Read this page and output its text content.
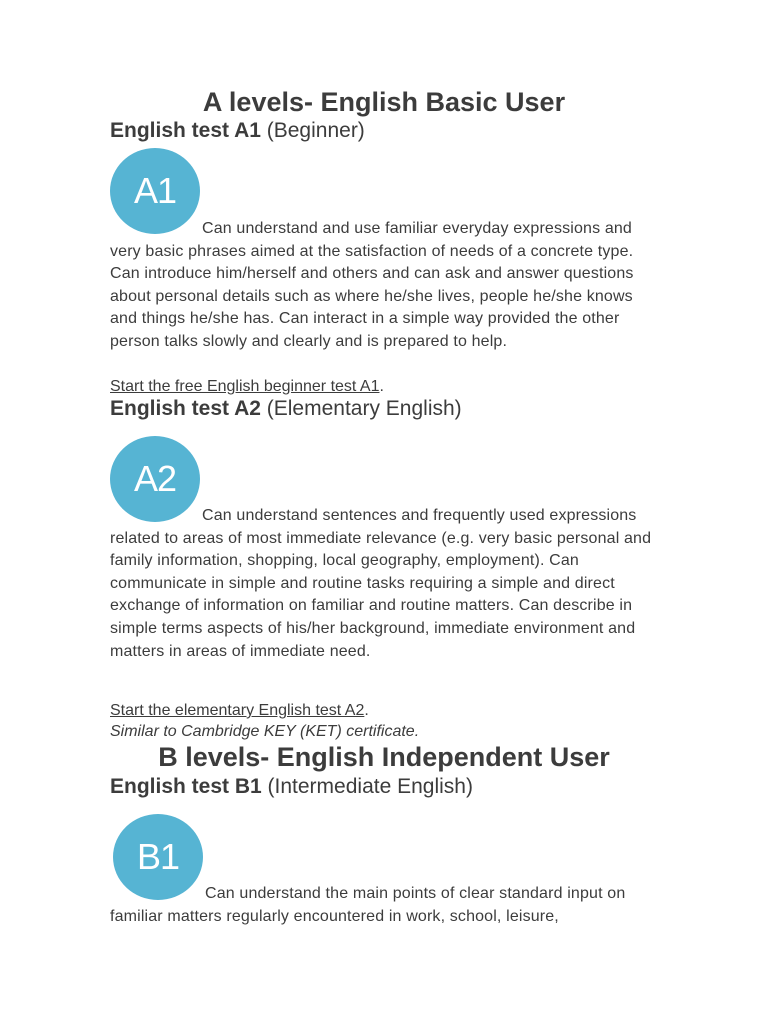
A levels- English Basic User
English test A1 (Beginner)
A1

Can understand and use familiar everyday expressions and very basic phrases aimed at the satisfaction of needs of a concrete type. Can introduce him/herself and others and can ask and answer questions about personal details such as where he/she lives, people he/she knows and things he/she has. Can interact in a simple way provided the other person talks slowly and clearly and is prepared to help.

Start the free English beginner test A1.
English test A2 (Elementary English)
A2

Can understand sentences and frequently used expressions related to areas of most immediate relevance (e.g. very basic personal and family information, shopping, local geography, employment). Can communicate in simple and routine tasks requiring a simple and direct exchange of information on familiar and routine matters. Can describe in simple terms aspects of his/her background, immediate environment and matters in areas of immediate need.

Start the elementary English test A2.
Similar to Cambridge KEY (KET) certificate.
B levels- English Independent User
English test B1 (Intermediate English)
B1

Can understand the main points of clear standard input on familiar matters regularly encountered in work, school, leisure,
